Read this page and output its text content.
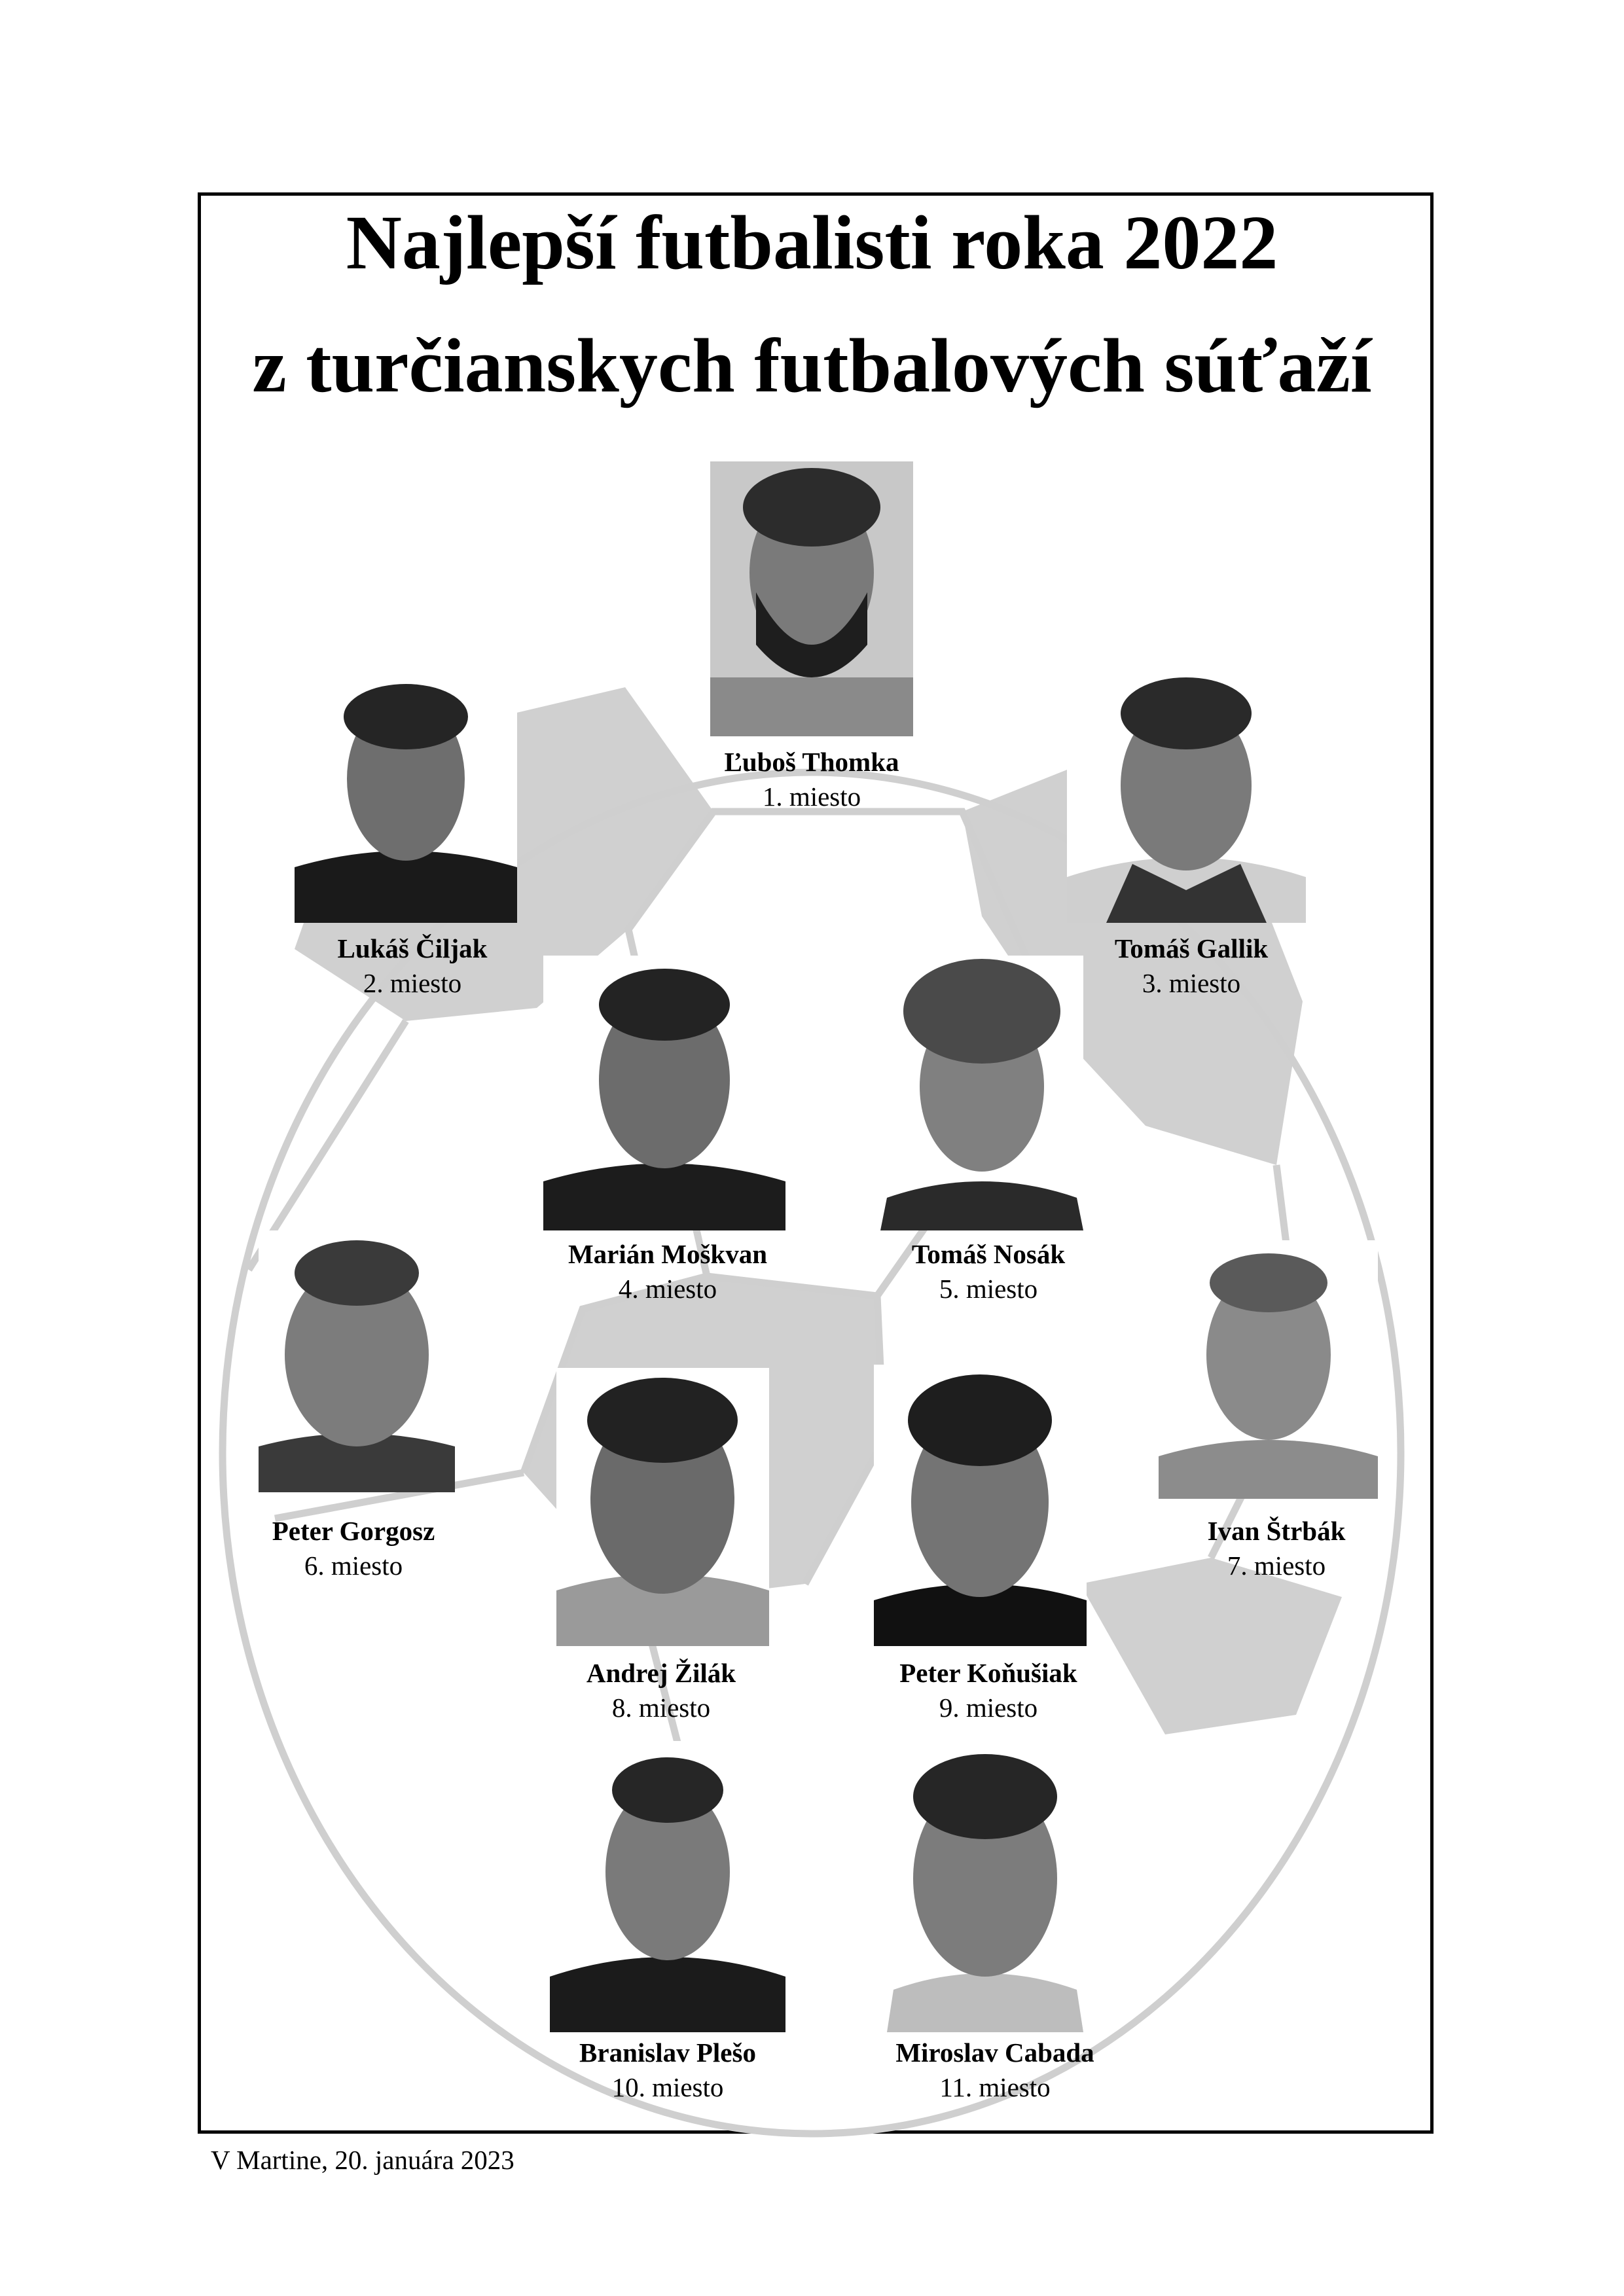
Najlepší futbalisti roka 2022
z turčianskych futbalových súťaží
Ľuboš Thomka
1. miesto
Lukáš Čiljak
2. miesto
Tomáš Gallik
3. miesto
Marián Moškvan
4. miesto
Tomáš Nosák
5. miesto
Peter Gorgosz
6. miesto
Ivan Štrbák
7. miesto
Andrej Žilák
8. miesto
Peter Koňušiak
9. miesto
Branislav Plešo
10. miesto
Miroslav Cabada
11. miesto
V Martine, 20. januára 2023
